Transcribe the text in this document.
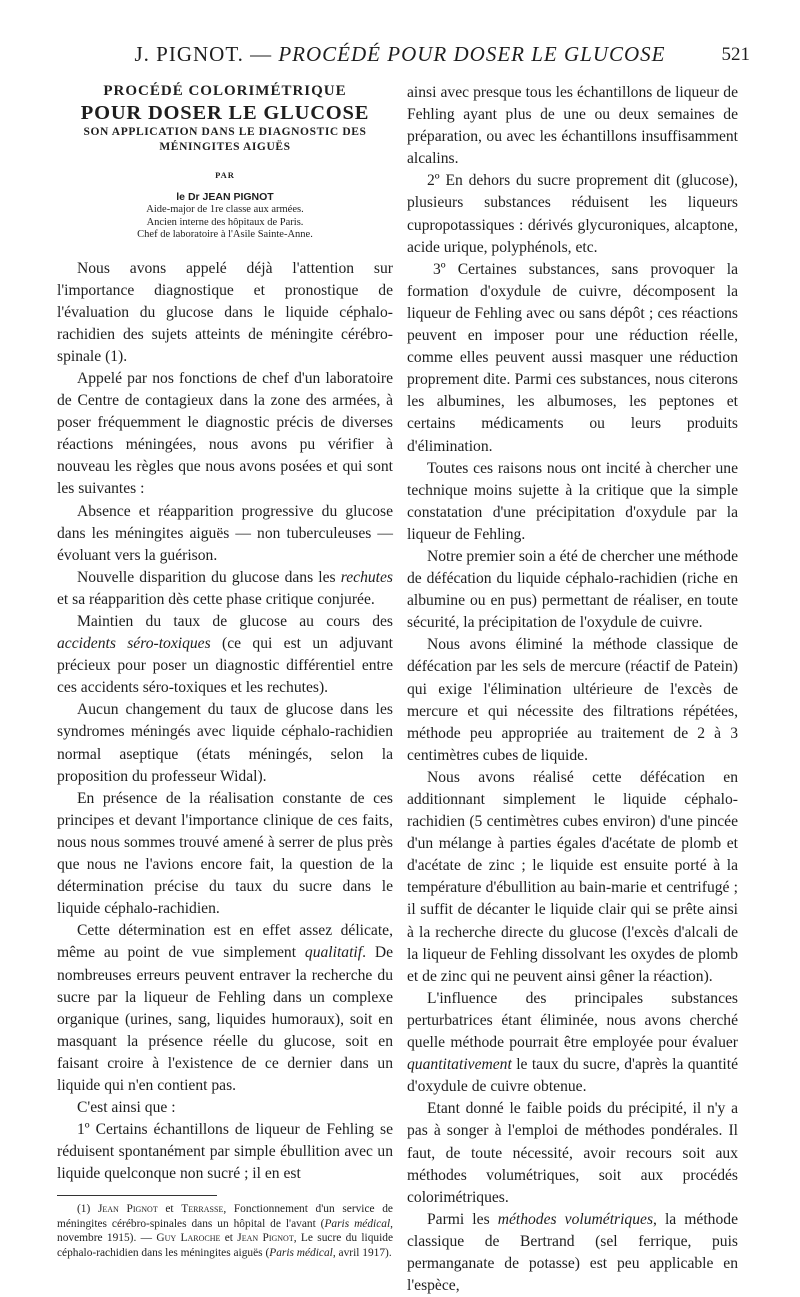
J. PIGNOT. — PROCÉDÉ POUR DOSER LE GLUCOSE	521
PROCÉDÉ COLORIMÉTRIQUE
POUR DOSER LE GLUCOSE
SON APPLICATION DANS LE DIAGNOSTIC DES MÉNINGITES AIGUËS
PAR
le Dr JEAN PIGNOT
Aide-major de 1re classe aux armées.
Ancien interne des hôpitaux de Paris.
Chef de laboratoire à l'Asile Sainte-Anne.

Nous avons appelé déjà l'attention sur l'importance diagnostique et pronostique de l'évaluation du glucose dans le liquide céphalo-rachidien des sujets atteints de méningite cérébro-spinale (1).

Appelé par nos fonctions de chef d'un laboratoire de Centre de contagieux dans la zone des armées, à poser fréquemment le diagnostic précis de diverses réactions méningées, nous avons pu vérifier à nouveau les règles que nous avons posées et qui sont les suivantes :

Absence et réapparition progressive du glucose dans les méningites aiguës — non tuberculeuses — évoluant vers la guérison.

Nouvelle disparition du glucose dans les rechutes et sa réapparition dès cette phase critique conjurée.

Maintien du taux de glucose au cours des accidents séro-toxiques (ce qui est un adjuvant précieux pour poser un diagnostic différentiel entre ces accidents séro-toxiques et les rechutes).

Aucun changement du taux de glucose dans les syndromes méningés avec liquide céphalo-rachidien normal aseptique (états méningés, selon la proposition du professeur Widal).

En présence de la réalisation constante de ces principes et devant l'importance clinique de ces faits, nous nous sommes trouvé amené à serrer de plus près que nous ne l'avions encore fait, la question de la détermination précise du taux du sucre dans le liquide céphalo-rachidien.

Cette détermination est en effet assez délicate, même au point de vue simplement qualitatif. De nombreuses erreurs peuvent entraver la recherche du sucre par la liqueur de Fehling dans un complexe organique (urines, sang, liquides humoraux), soit en masquant la présence réelle du glucose, soit en faisant croire à l'existence de ce dernier dans un liquide qui n'en contient pas.

C'est ainsi que :

1º Certains échantillons de liqueur de Fehling se réduisent spontanément par simple ébullition avec un liquide quelconque non sucré ; il en est

(1) Jean Pignot et Terrasse, Fonctionnement d'un service de méningites cérébro-spinales dans un hôpital de l'avant (Paris médical, novembre 1915). — Guy Laroche et Jean Pignot, Le sucre du liquide céphalo-rachidien dans les méningites aiguës (Paris médical, avril 1917).

ainsi avec presque tous les échantillons de liqueur de Fehling ayant plus de une ou deux semaines de préparation, ou avec les échantillons insuffisamment alcalins.

2º En dehors du sucre proprement dit (glucose), plusieurs substances réduisent les liqueurs cupropotassiques : dérivés glycuroniques, alcaptone, acide urique, polyphénols, etc.

3º Certaines substances, sans provoquer la formation d'oxydule de cuivre, décomposent la liqueur de Fehling avec ou sans dépôt ; ces réactions peuvent en imposer pour une réduction réelle, comme elles peuvent aussi masquer une réduction proprement dite. Parmi ces substances, nous citerons les albumines, les albumoses, les peptones et certains médicaments ou leurs produits d'élimination.

Toutes ces raisons nous ont incité à chercher une technique moins sujette à la critique que la simple constatation d'une précipitation d'oxydule par la liqueur de Fehling.

Notre premier soin a été de chercher une méthode de défécation du liquide céphalo-rachidien (riche en albumine ou en pus) permettant de réaliser, en toute sécurité, la précipitation de l'oxydule de cuivre.

Nous avons éliminé la méthode classique de défécation par les sels de mercure (réactif de Patein) qui exige l'élimination ultérieure de l'excès de mercure et qui nécessite des filtrations répétées, méthode peu appropriée au traitement de 2 à 3 centimètres cubes de liquide.

Nous avons réalisé cette défécation en additionnant simplement le liquide céphalo-rachidien (5 centimètres cubes environ) d'une pincée d'un mélange à parties égales d'acétate de plomb et d'acétate de zinc ; le liquide est ensuite porté à la température d'ébullition au bain-marie et centrifugé ; il suffit de décanter le liquide clair qui se prête ainsi à la recherche directe du glucose (l'excès d'alcali de la liqueur de Fehling dissolvant les oxydes de plomb et de zinc qui ne peuvent ainsi gêner la réaction).

L'influence des principales substances perturbatrices étant éliminée, nous avons cherché quelle méthode pourrait être employée pour évaluer quantitativement le taux du sucre, d'après la quantité d'oxydule de cuivre obtenue.

Etant donné le faible poids du précipité, il n'y a pas à songer à l'emploi de méthodes pondérales. Il faut, de toute nécessité, avoir recours soit aux méthodes volumétriques, soit aux procédés colorimétriques.

Parmi les méthodes volumétriques, la méthode classique de Bertrand (sel ferrique, puis permanganate de potasse) est peu applicable en l'espèce,
